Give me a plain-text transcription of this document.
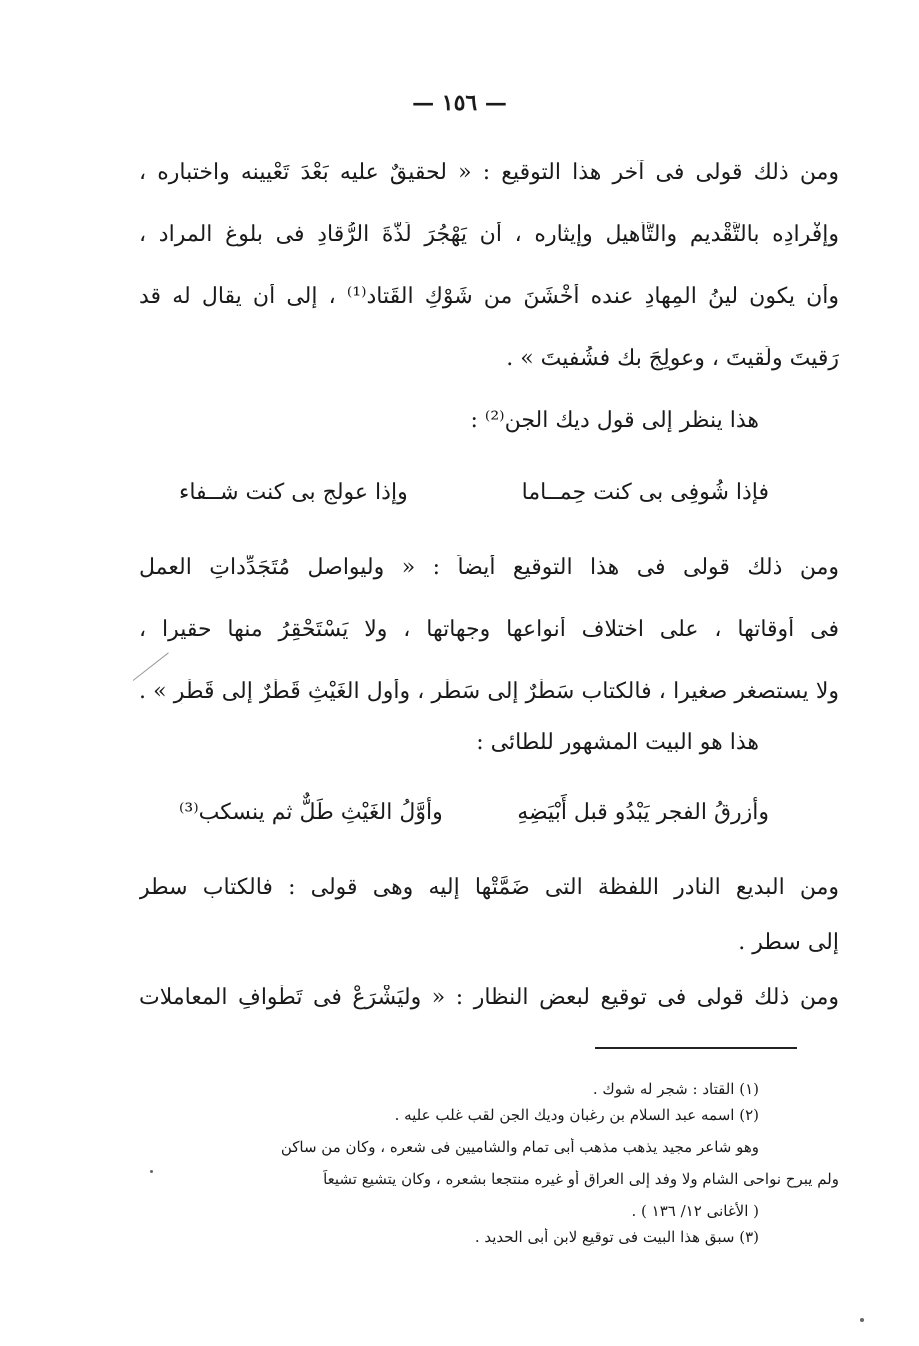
— ١٥٦ —
ومن ذلك قولى فى آخر هذا التوقيع : « لحقيقٌ عليه بَعْدَ تَعْيينه واختباره ،
وإفْرادِه بالتَّقْديم والتَّأهيل وإيثاره ، أن يَهْجُرَ لَذَّةَ الرُّقادِ فى بلوغ المراد ،
وأن يكون لينُ المِهادِ عنده أخْشَنَ من شَوْكِ القَتاد⁽¹⁾ ، إلى أن يقال له قد
رَقيتَ ولَقيتَ ، وعولِجَ بك فشُفيتَ » .
هذا ينظر إلى قول ديك الجن⁽²⁾ :
فإذا شُوفِى بى كنت حِمــاما
وإذا عولج بى كنت شــفاء
ومن ذلك قولى فى هذا التوقيع أيضاً : « وليواصل مُتَجَدِّداتِ العمل
فى أوقاتها ، على اختلاف أنواعها وجهاتها ، ولا يَسْتَحْقِرُ منها حقيرا ،
ولا يستصغر صغيرا ، فالكتاب سَطْرٌ إلى سَطْرٍ ، وأول الغَيْثِ قَطْرٌ إلى قَطْرٍ » .
هذا هو البيت المشهور للطائى :
وأزرقُ الفجر يَبْدُو قبل أَبْيَضِهِ
وأوَّلُ الغَيْثِ طَلٌّ ثم ينسكب⁽³⁾
ومن البديع النادر اللفظة التى ضَمَّتْها إليه وهى قولى : فالكتاب سطر
إلى سطر .
ومن ذلك قولى فى توقيع لبعض النظار : « وليَشْرَعْ فى تَطْوافِ المعاملات
(١) القتاد : شجر له شوك .
(٢) اسمه عبد السلام بن رغبان وديك الجن لقب غلب عليه .
وهو شاعر مجيد يذهب مذهب أبى تمام والشاميين فى شعره ، وكان من ساكن
ولم يبرح نواحى الشام ولا وفد إلى العراق أو غيره منتجعا بشعره ، وكان يتشيع تشيعاً
( الأغانى ١٢/ ١٣٦ ) .
(٣) سبق هذا البيت فى توقيع لابن أبى الحديد .
